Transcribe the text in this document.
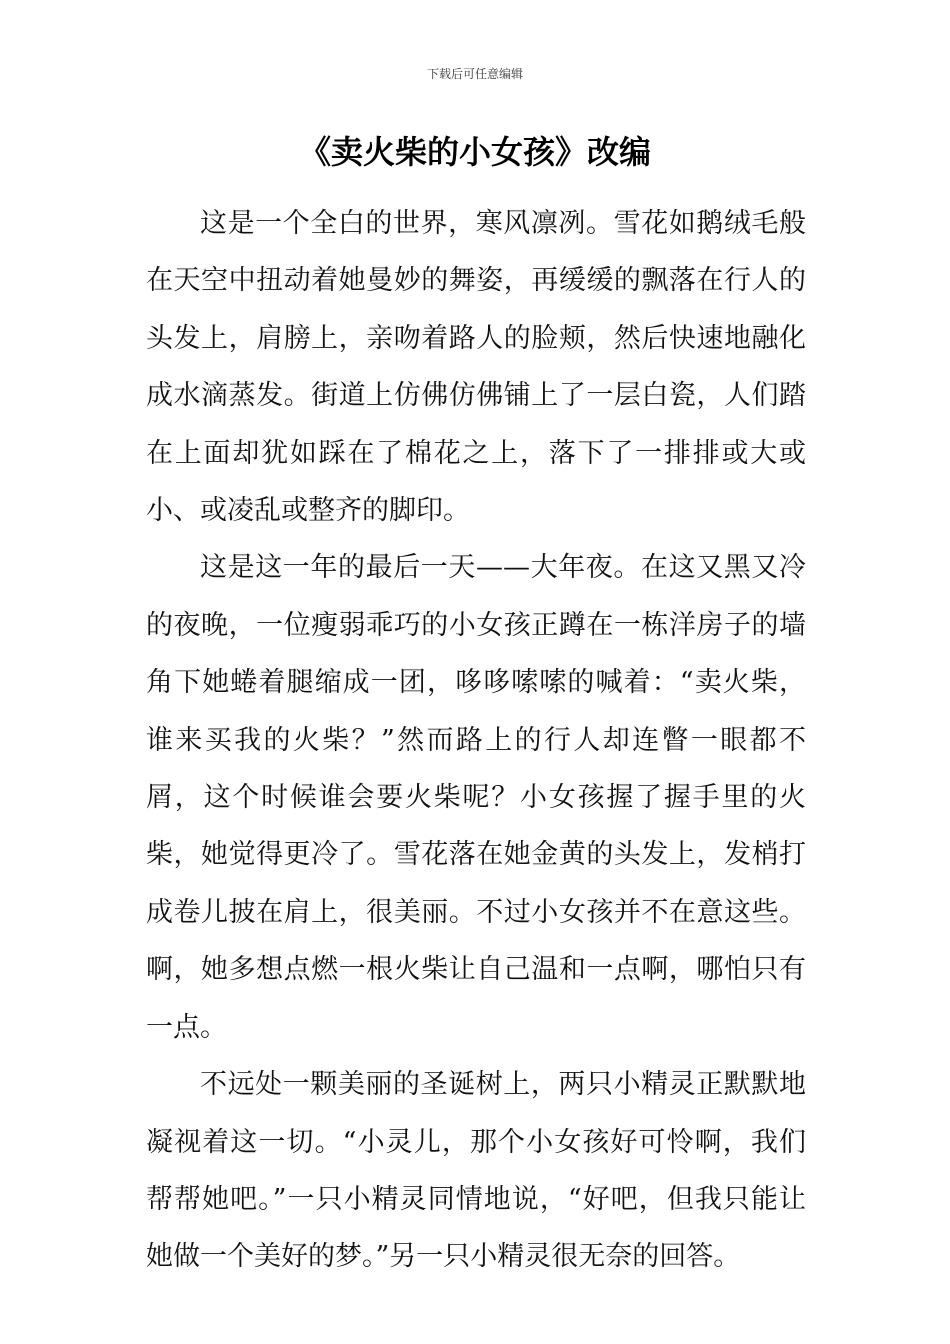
下载后可任意编辑
《卖火柴的小女孩》改编

这是一个全白的世界，寒风凛冽。雪花如鹅绒毛般在天空中扭动着她曼妙的舞姿，再缓缓的飘落在行人的头发上，肩膀上，亲吻着路人的脸颊，然后快速地融化成水滴蒸发。街道上仿佛仿佛铺上了一层白瓷，人们踏在上面却犹如踩在了棉花之上，落下了一排排或大或小、或凌乱或整齐的脚印。

这是这一年的最后一天——大年夜。在这又黑又冷的夜晚，一位瘦弱乖巧的小女孩正蹲在一栋洋房子的墙角下她蜷着腿缩成一团，哆哆嗦嗦的喊着：“卖火柴，谁来买我的火柴？”然而路上的行人却连瞥一眼都不屑，这个时候谁会要火柴呢？小女孩握了握手里的火柴，她觉得更冷了。雪花落在她金黄的头发上，发梢打成卷儿披在肩上，很美丽。不过小女孩并不在意这些。啊，她多想点燃一根火柴让自己温和一点啊，哪怕只有一点。

不远处一颗美丽的圣诞树上，两只小精灵正默默地凝视着这一切。“小灵儿，那个小女孩好可怜啊，我们帮帮她吧。”一只小精灵同情地说，“好吧，但我只能让她做一个美好的梦。”另一只小精灵很无奈的回答。
